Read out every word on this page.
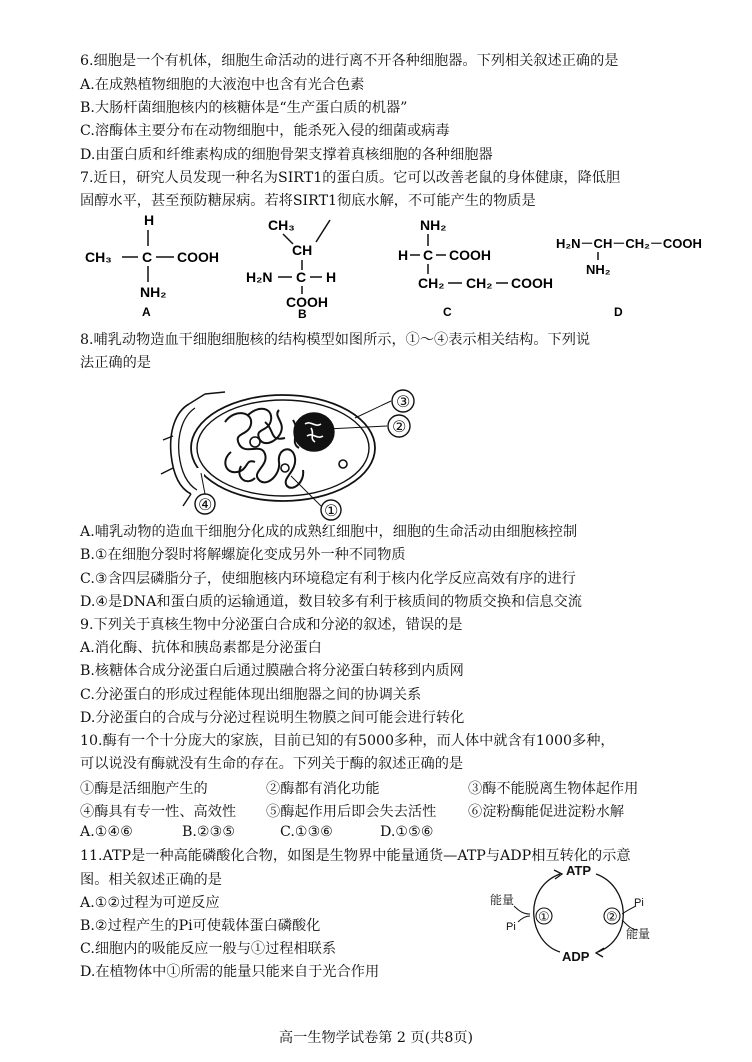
6.细胞是一个有机体，细胞生命活动的进行离不开各种细胞器。下列相关叙述正确的是
A.在成熟植物细胞的大液泡中也含有光合色素
B.大肠杆菌细胞核内的核糖体是“生产蛋白质的机器”
C.溶酶体主要分布在动物细胞中，能杀死入侵的细菌或病毒
D.由蛋白质和纤维素构成的细胞骨架支撑着真核细胞的各种细胞器
7.近日，研究人员发现一种名为SIRT1的蛋白质。它可以改善老鼠的身体健康，降低胆
固醇水平，甚至预防糖尿病。若将SIRT1彻底水解，不可能产生的物质是
H
CH₃ C COOH
NH₂
A
CH₃
CH
H₂N C H
COOH
B
NH₂
H C COOH
CH₂ CH₂ COOH
C
H₂N－CH－CH₂－COOH
NH₂
D
8.哺乳动物造血干细胞细胞核的结构模型如图所示，①～④表示相关结构。下列说
法正确的是
③
②
①
④
A.哺乳动物的造血干细胞分化成的成熟红细胞中，细胞的生命活动由细胞核控制
B.①在细胞分裂时将解螺旋化变成另外一种不同物质
C.③含四层磷脂分子，使细胞核内环境稳定有利于核内化学反应高效有序的进行
D.④是DNA和蛋白质的运输通道，数目较多有利于核质间的物质交换和信息交流
9.下列关于真核生物中分泌蛋白合成和分泌的叙述，错误的是
A.消化酶、抗体和胰岛素都是分泌蛋白
B.核糖体合成分泌蛋白后通过膜融合将分泌蛋白转移到内质网
C.分泌蛋白的形成过程能体现出细胞器之间的协调关系
D.分泌蛋白的合成与分泌过程说明生物膜之间可能会进行转化
10.酶有一个十分庞大的家族，目前已知的有5000多种，而人体中就含有1000多种，
可以说没有酶就没有生命的存在。下列关于酶的叙述正确的是
①酶是活细胞产生的	②酶都有消化功能	③酶不能脱离生物体起作用
④酶具有专一性、高效性 ⑤酶起作用后即会失去活性 ⑥淀粉酶能促进淀粉水解
A.①④⑥	B.②③⑤	C.①③⑥	D.①⑤⑥
11.ATP是一种高能磷酸化合物，如图是生物界中能量通货—ATP与ADP相互转化的示意
图。相关叙述正确的是
A.①②过程为可逆反应
B.②过程产生的Pi可使载体蛋白磷酸化
C.细胞内的吸能反应一般与①过程相联系
D.在植物体中①所需的能量只能来自于光合作用
ATP
ADP
能量
Pi
①	②
Pi
能量
高一生物学试卷第 2 页(共8页)
